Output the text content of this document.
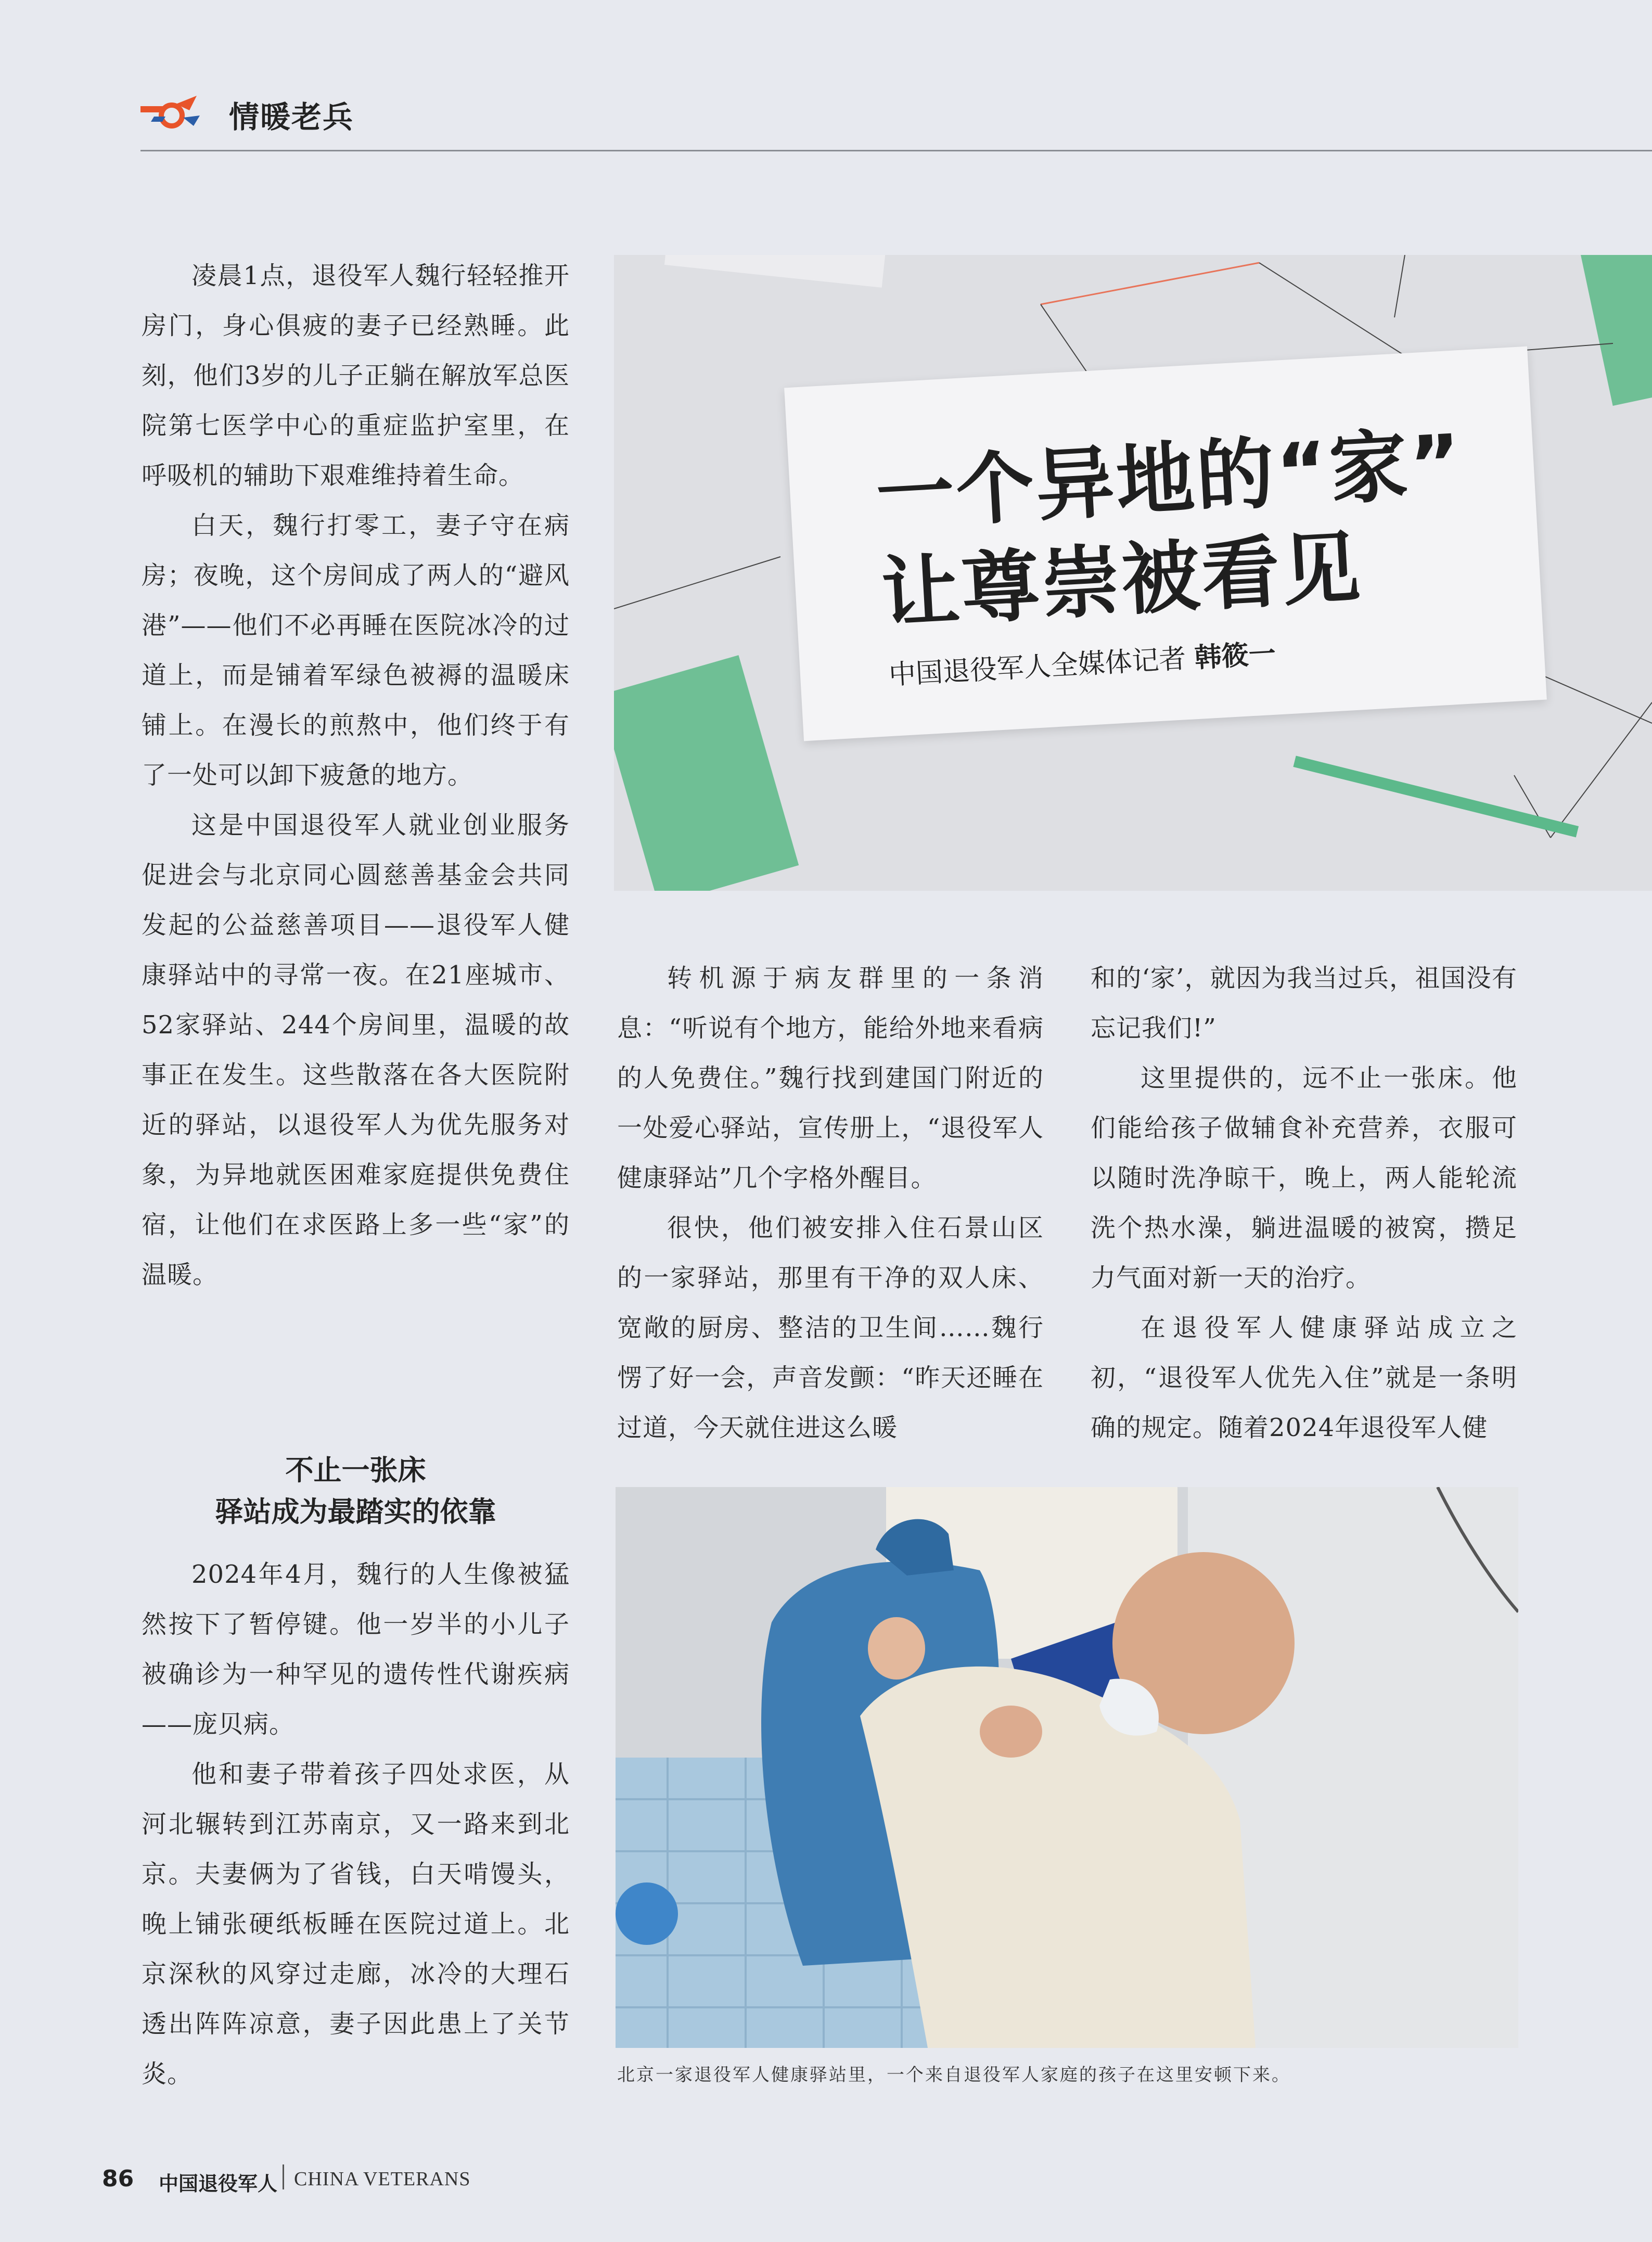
情暖老兵

凌晨1点，退役军人魏行轻轻推开房门，身心俱疲的妻子已经熟睡。此刻，他们3岁的儿子正躺在解放军总医院第七医学中心的重症监护室里，在呼吸机的辅助下艰难维持着生命。

白天，魏行打零工，妻子守在病房；夜晚，这个房间成了两人的“避风港”——他们不必再睡在医院冰冷的过道上，而是铺着军绿色被褥的温暖床铺上。在漫长的煎熬中，他们终于有了一处可以卸下疲惫的地方。

这是中国退役军人就业创业服务促进会与北京同心圆慈善基金会共同发起的公益慈善项目——退役军人健康驿站中的寻常一夜。在21座城市、52家驿站、244个房间里，温暖的故事正在发生。这些散落在各大医院附近的驿站，以退役军人为优先服务对象，为异地就医困难家庭提供免费住宿，让他们在求医路上多一些“家”的温暖。

不止一张床
驿站成为最踏实的依靠

2024年4月，魏行的人生像被猛然按下了暂停键。他一岁半的小儿子被确诊为一种罕见的遗传性代谢疾病——庞贝病。

他和妻子带着孩子四处求医，从河北辗转到江苏南京，又一路来到北京。夫妻俩为了省钱，白天啃馒头，晚上铺张硬纸板睡在医院过道上。北京深秋的风穿过走廊，冰冷的大理石透出阵阵凉意，妻子因此患上了关节炎。

一个异地的“家”
让尊崇被看见
中国退役军人全媒体记者 韩筱一

转机源于病友群里的一条消息：“听说有个地方，能给外地来看病的人免费住。”魏行找到建国门附近的一处爱心驿站，宣传册上，“退役军人健康驿站”几个字格外醒目。

很快，他们被安排入住石景山区的一家驿站，那里有干净的双人床、宽敞的厨房、整洁的卫生间……魏行愣了好一会，声音发颤：“昨天还睡在过道，今天就住进这么暖

和的‘家’，就因为我当过兵，祖国没有忘记我们!”

这里提供的，远不止一张床。他们能给孩子做辅食补充营养，衣服可以随时洗净晾干，晚上，两人能轮流洗个热水澡，躺进温暖的被窝，攒足力气面对新一天的治疗。

在退役军人健康驿站成立之初，“退役军人优先入住”就是一条明确的规定。随着2024年退役军人健

北京一家退役军人健康驿站里，一个来自退役军人家庭的孩子在这里安顿下来。
86 中国退役军人 CHINA VETERANS
